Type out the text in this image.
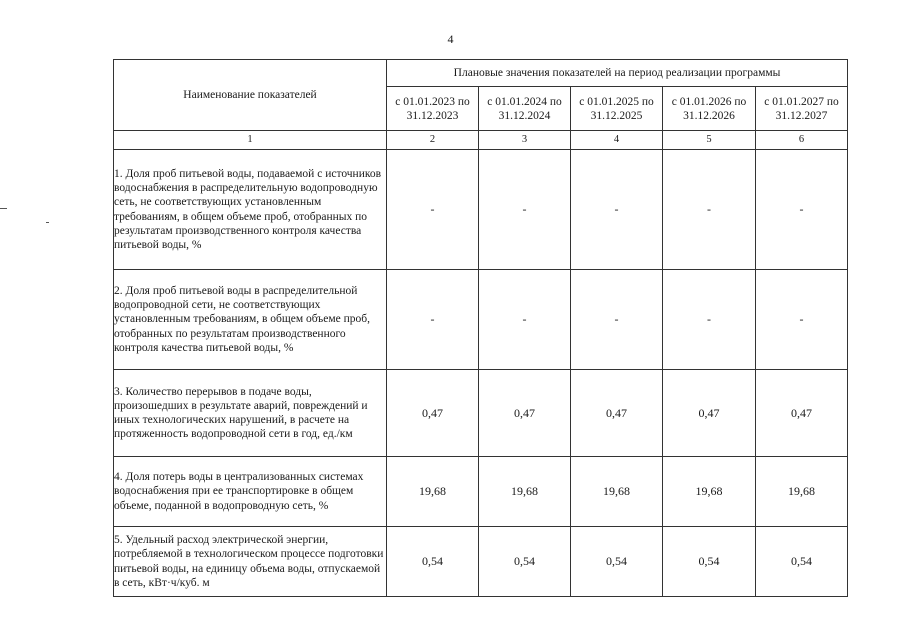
4
Наименование показателей	Плановые значения показателей на период реализации программы				
	с 01.01.2023 по 31.12.2023	с 01.01.2024 по 31.12.2024	с 01.01.2025 по 31.12.2025	с 01.01.2026 по 31.12.2026	с 01.01.2027 по 31.12.2027
1	2	3	4	5	6
1. Доля проб питьевой воды, подаваемой с источников водоснабжения в распределительную водопроводную сеть, не соответствующих установленным требованиям, в общем объеме проб, отобранных по результатам производственного контроля качества питьевой воды, %	-	-	-	-	-
2. Доля проб питьевой воды в распределительной водопроводной сети, не соответствующих установленным требованиям, в общем объеме проб, отобранных по результатам производственного контроля качества питьевой воды, %	-	-	-	-	-
3. Количество перерывов в подаче воды, произошедших в результате аварий, повреждений и иных технологических нарушений, в расчете на протяженность водопроводной сети в год, ед./км	0,47	0,47	0,47	0,47	0,47
4. Доля потерь воды в централизованных системах водоснабжения при ее транспортировке в общем объеме, поданной в водопроводную сеть, %	19,68	19,68	19,68	19,68	19,68
5. Удельный расход электрической энергии, потребляемой в технологическом процессе подготовки питьевой воды, на единицу объема воды, отпускаемой в сеть, кВт·ч/куб. м	0,54	0,54	0,54	0,54	0,54
